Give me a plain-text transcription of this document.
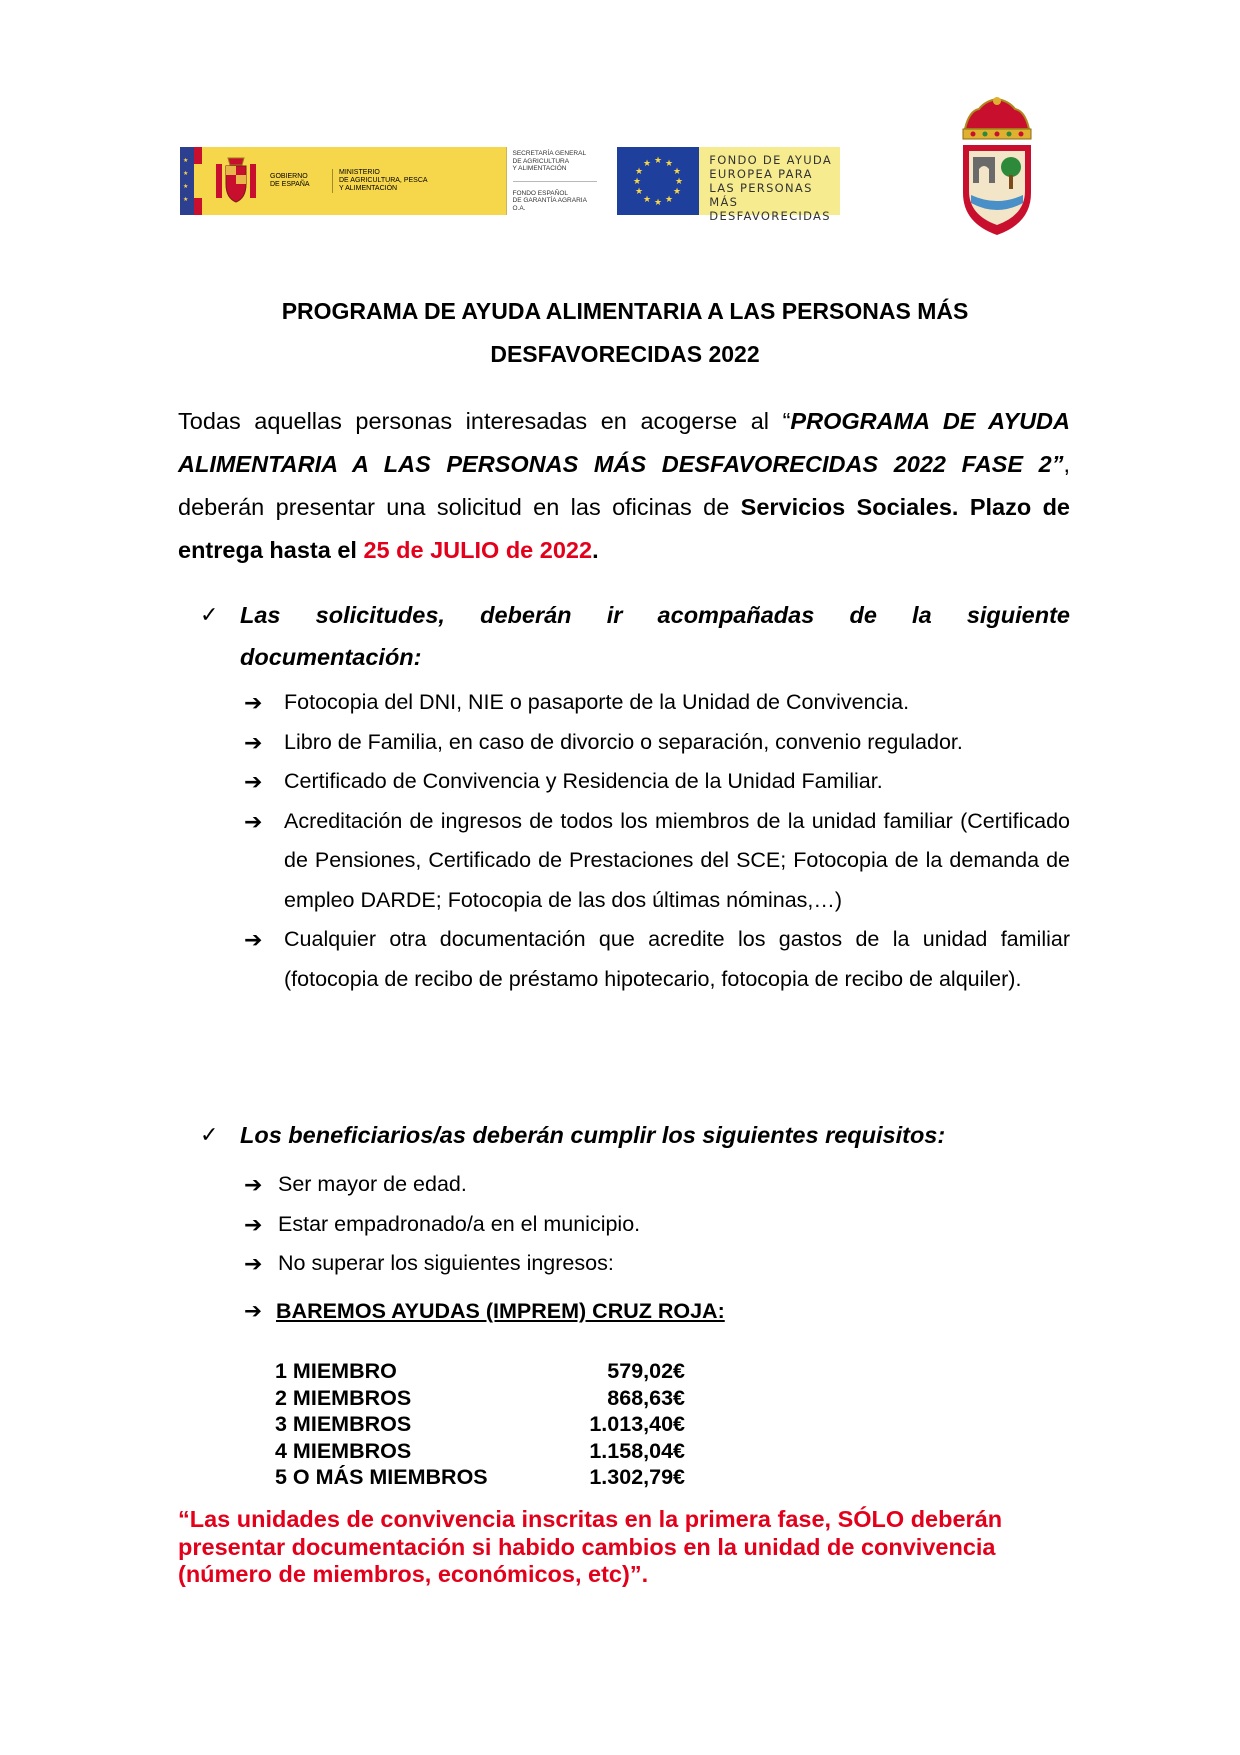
★
★
★
★
GOBIERNO
DE ESPAÑA
MINISTERIO
DE AGRICULTURA, PESCA
Y ALIMENTACIÓN
SECRETARÍA GENERAL
DE AGRICULTURA
Y ALIMENTACIÓN
FONDO ESPAÑOL
DE GARANTÍA AGRARIA O.A.
★ ★
★
★
★
★
★
★
★
★
★
★	FONDO DE AYUDA
EUROPEA PARA
LAS PERSONAS MÁS
DESFAVORECIDAS
PROGRAMA DE AYUDA ALIMENTARIA A LAS PERSONAS MÁS
DESFAVORECIDAS 2022
Todas aquellas personas interesadas en acogerse al “PROGRAMA DE AYUDA ALIMENTARIA A LAS PERSONAS MÁS DESFAVORECIDAS 2022 FASE 2”, deberán presentar una solicitud en las oficinas de Servicios Sociales. Plazo de entrega hasta el 25 de JULIO de 2022.
✓ Las solicitudes, deberán ir acompañadas de la siguiente
documentación:
➔ Fotocopia del DNI, NIE o pasaporte de la Unidad de Convivencia.
➔ Libro de Familia, en caso de divorcio o separación, convenio regulador.
➔ Certificado de Convivencia y Residencia de la Unidad Familiar.
➔ Acreditación de ingresos de todos los miembros de la unidad familiar (Certificado de Pensiones, Certificado de Prestaciones del SCE; Fotocopia de la demanda de empleo DARDE; Fotocopia de las dos últimas nóminas,…)
➔ Cualquier otra documentación que acredite los gastos de la unidad familiar (fotocopia de recibo de préstamo hipotecario, fotocopia de recibo de alquiler).
✓ Los beneficiarios/as deberán cumplir los siguientes requisitos:
➔ Ser mayor de edad.
➔ Estar empadronado/a en el municipio.
➔ No superar los siguientes ingresos:
➔ BAREMOS AYUDAS (IMPREM) CRUZ ROJA:
1 MIEMBRO	579,02€
2 MIEMBROS	868,63€
3 MIEMBROS	1.013,40€
4 MIEMBROS	1.158,04€
5 O MÁS MIEMBROS	1.302,79€
“Las unidades de convivencia inscritas en la primera fase, SÓLO deberán presentar documentación si habido cambios en la unidad de convivencia (número de miembros, económicos, etc)”.
